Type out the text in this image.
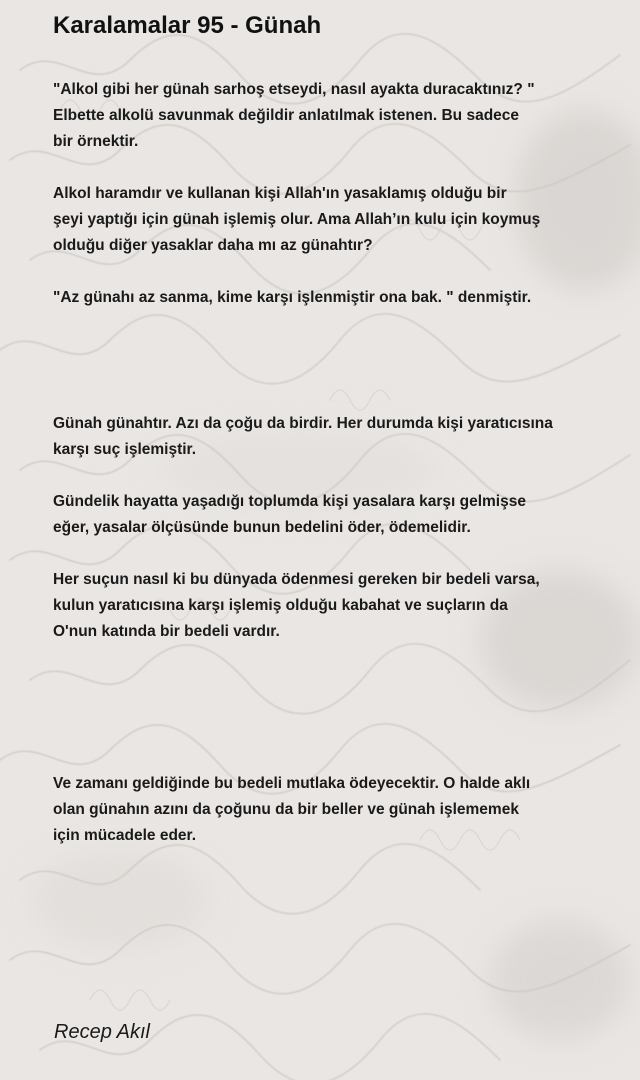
Karalamalar 95 - Günah
"Alkol gibi her günah sarhoş etseydi, nasıl ayakta duracaktınız? "
Elbette alkolü savunmak değildir anlatılmak istenen. Bu sadece
bir örnektir.
Alkol haramdır ve kullanan kişi Allah'ın yasaklamış olduğu bir
şeyi yaptığı için günah işlemiş olur. Ama Allah’ın kulu için koymuş
olduğu diğer yasaklar daha mı az günahtır?
"Az günahı az sanma, kime karşı işlenmiştir ona bak. " denmiştir.
Günah günahtır. Azı da çoğu da birdir. Her durumda kişi yaratıcısına
karşı suç işlemiştir.
Gündelik hayatta yaşadığı toplumda kişi yasalara karşı gelmişse
eğer, yasalar ölçüsünde bunun bedelini öder, ödemelidir.
Her suçun nasıl ki bu dünyada ödenmesi gereken bir bedeli varsa,
kulun yaratıcısına karşı işlemiş olduğu kabahat ve suçların da
O'nun katında bir bedeli vardır.
Ve zamanı geldiğinde bu bedeli mutlaka ödeyecektir. O halde aklı
olan günahın azını da çoğunu da bir beller ve günah işlememek
için mücadele eder.
Recep Akıl
